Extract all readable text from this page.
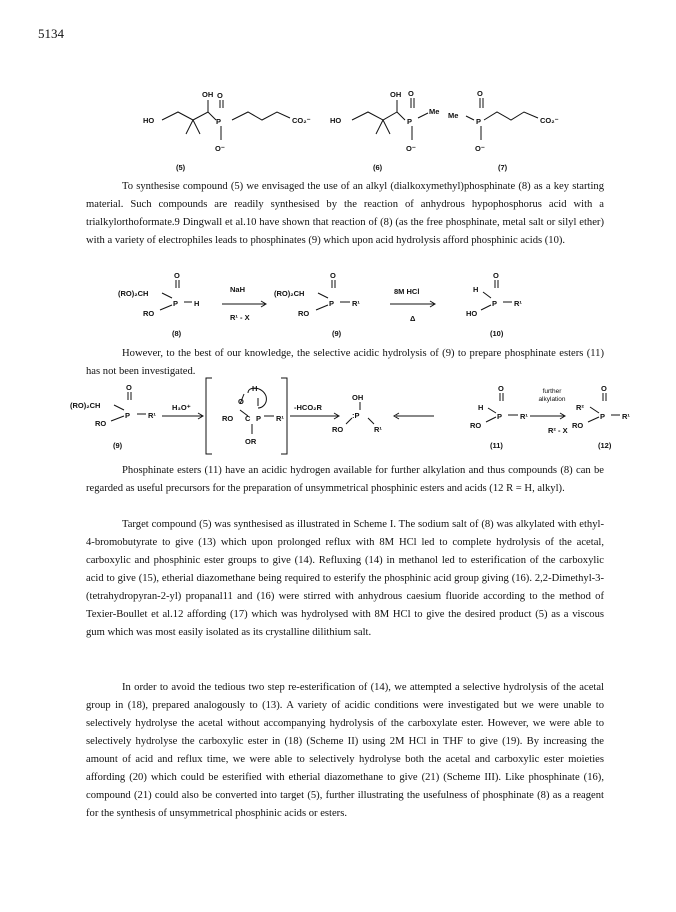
5134
OH
HO
O
P	CO₂⁻
O⁻
OH
HO
O
P
Me
O⁻
Me
O
P	CO₂⁻
O⁻
(5)	(6)	(7)

To synthesise compound (5) we envisaged the use of an alkyl (dialkoxymethyl)phosphinate (8) as a key starting material. Such compounds are readily synthesised by the reaction of anhydrous hypophosphorus acid with a trialkylorthoformate.9 Dingwall et al.10 have shown that reaction of (8) (as the free phosphinate, metal salt or silyl ether) with a variety of electrophiles leads to phosphinates (9) which upon acid hydrolysis afford phosphinic acids (10).

(RO)₂CH
O
P H
RO
NaH
R¹ - X
(RO)₂CH
O
P R¹
RO
8M HCl
Δ
H
O
P R¹
HO
(8)	(9)	(10)

However, to the best of our knowledge, the selective acidic hydrolysis of (9) to prepare phosphinate esters (11) has not been investigated.

(RO)₂CH
O
P R¹
RO
H₃O⁺
H
O
RO C P R¹
OR
-HCO₂R
OH
:P
RO	R¹
H
O
P R¹
RO
R² - X
R²
O
P R¹
RO
(9)	(11)	(12)
further alkylation

Phosphinate esters (11) have an acidic hydrogen available for further alkylation and thus compounds (8) can be regarded as useful precursors for the preparation of unsymmetrical phosphinic esters and acids (12 R = H, alkyl).

Target compound (5) was synthesised as illustrated in Scheme I. The sodium salt of (8) was alkylated with ethyl-4-bromobutyrate to give (13) which upon prolonged reflux with 8M HCl led to complete hydrolysis of the acetal, carboxylic and phosphinic ester groups to give (14). Refluxing (14) in methanol led to esterification of the carboxylic acid to give (15), etherial diazomethane being required to esterify the phosphinic acid group giving (16). 2,2-Dimethyl-3-(tetrahydropyran-2-yl) propanal11 and (16) were stirred with anhydrous caesium fluoride according to the method of Texier-Boullet et al.12 affording (17) which was hydrolysed with 8M HCl to give the desired product (5) as a viscous gum which was most easily isolated as its crystalline dilithium salt.

In order to avoid the tedious two step re-esterification of (14), we attempted a selective hydrolysis of the acetal group in (18), prepared analogously to (13). A variety of acidic conditions were investigated but we were unable to selectively hydrolyse the acetal without accompanying hydrolysis of the carboxylate ester. However, we were able to selectively hydrolyse the carboxylic ester in (18) (Scheme II) using 2M HCl in THF to give (19). By increasing the amount of acid and reflux time, we were able to selectively hydrolyse both the acetal and carboxylic ester moieties affording (20) which could be esterified with etherial diazomethane to give (21) (Scheme III). Like phosphinate (16), compound (21) could also be converted into target (5), further illustrating the usefulness of phosphinate (8) as a reagent for the synthesis of unsymmetrical phosphinic acids or esters.
